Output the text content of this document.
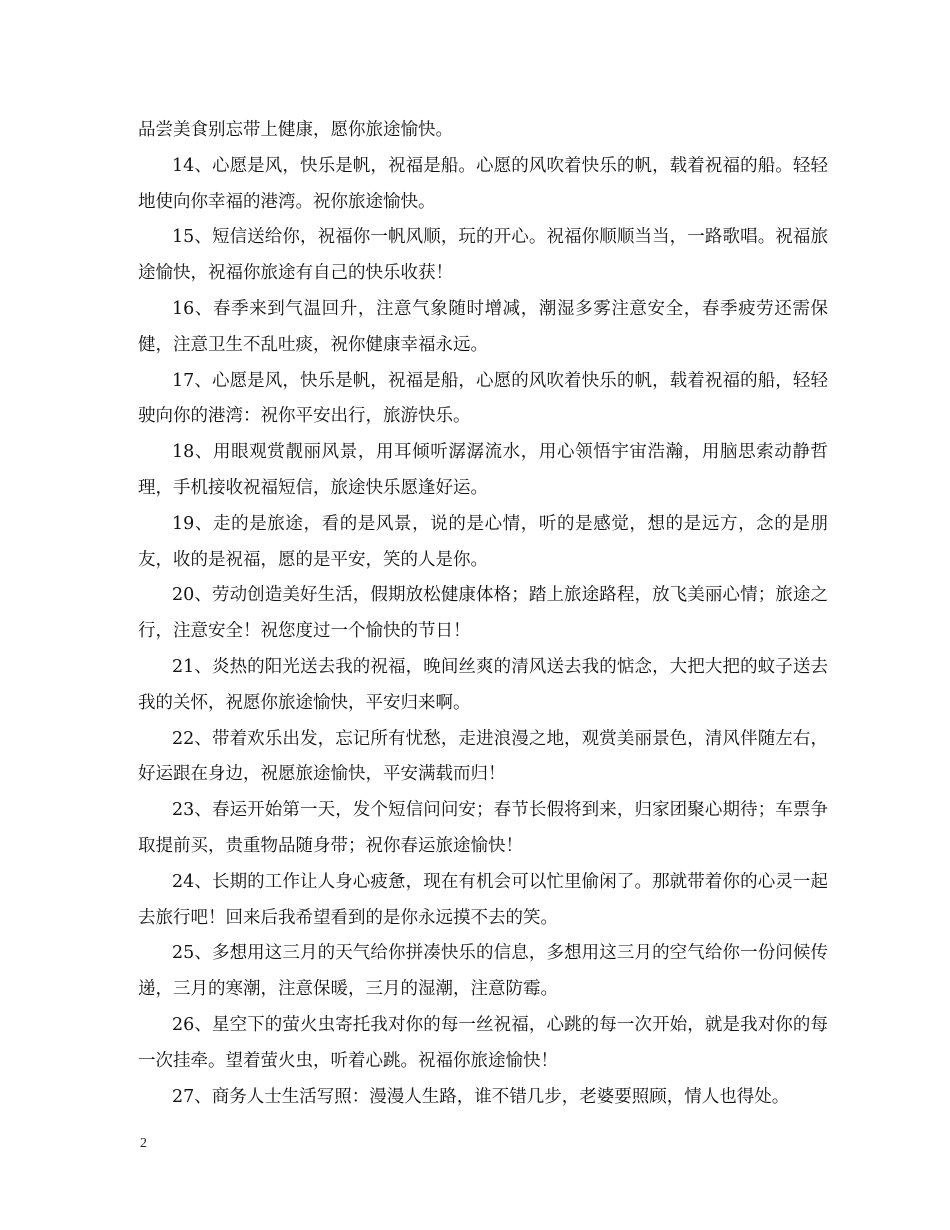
品尝美食别忘带上健康，愿你旅途愉快。

14、心愿是风，快乐是帆，祝福是船。心愿的风吹着快乐的帆，载着祝福的船。轻轻地使向你幸福的港湾。祝你旅途愉快。

15、短信送给你，祝福你一帆风顺，玩的开心。祝福你顺顺当当，一路歌唱。祝福旅途愉快，祝福你旅途有自己的快乐收获！

16、春季来到气温回升，注意气象随时增减，潮湿多雾注意安全，春季疲劳还需保健，注意卫生不乱吐痰，祝你健康幸福永远。

17、心愿是风，快乐是帆，祝福是船，心愿的风吹着快乐的帆，载着祝福的船，轻轻驶向你的港湾：祝你平安出行，旅游快乐。

18、用眼观赏靓丽风景，用耳倾听潺潺流水，用心领悟宇宙浩瀚，用脑思索动静哲理，手机接收祝福短信，旅途快乐愿逢好运。

19、走的是旅途，看的是风景，说的是心情，听的是感觉，想的是远方，念的是朋友，收的是祝福，愿的是平安，笑的人是你。

20、劳动创造美好生活，假期放松健康体格；踏上旅途路程，放飞美丽心情；旅途之行，注意安全！祝您度过一个愉快的节日！

21、炎热的阳光送去我的祝福，晚间丝爽的清风送去我的惦念，大把大把的蚊子送去我的关怀，祝愿你旅途愉快，平安归来啊。

22、带着欢乐出发，忘记所有忧愁，走进浪漫之地，观赏美丽景色，清风伴随左右，好运跟在身边，祝愿旅途愉快，平安满载而归！

23、春运开始第一天，发个短信问问安；春节长假将到来，归家团聚心期待；车票争取提前买，贵重物品随身带；祝你春运旅途愉快！

24、长期的工作让人身心疲惫，现在有机会可以忙里偷闲了。那就带着你的心灵一起去旅行吧！回来后我希望看到的是你永远摸不去的笑。

25、多想用这三月的天气给你拼凑快乐的信息，多想用这三月的空气给你一份问候传递，三月的寒潮，注意保暖，三月的湿潮，注意防霉。

26、星空下的萤火虫寄托我对你的每一丝祝福，心跳的每一次开始，就是我对你的每一次挂牵。望着萤火虫，听着心跳。祝福你旅途愉快！

27、商务人士生活写照：漫漫人生路，谁不错几步，老婆要照顾，情人也得处。

2
